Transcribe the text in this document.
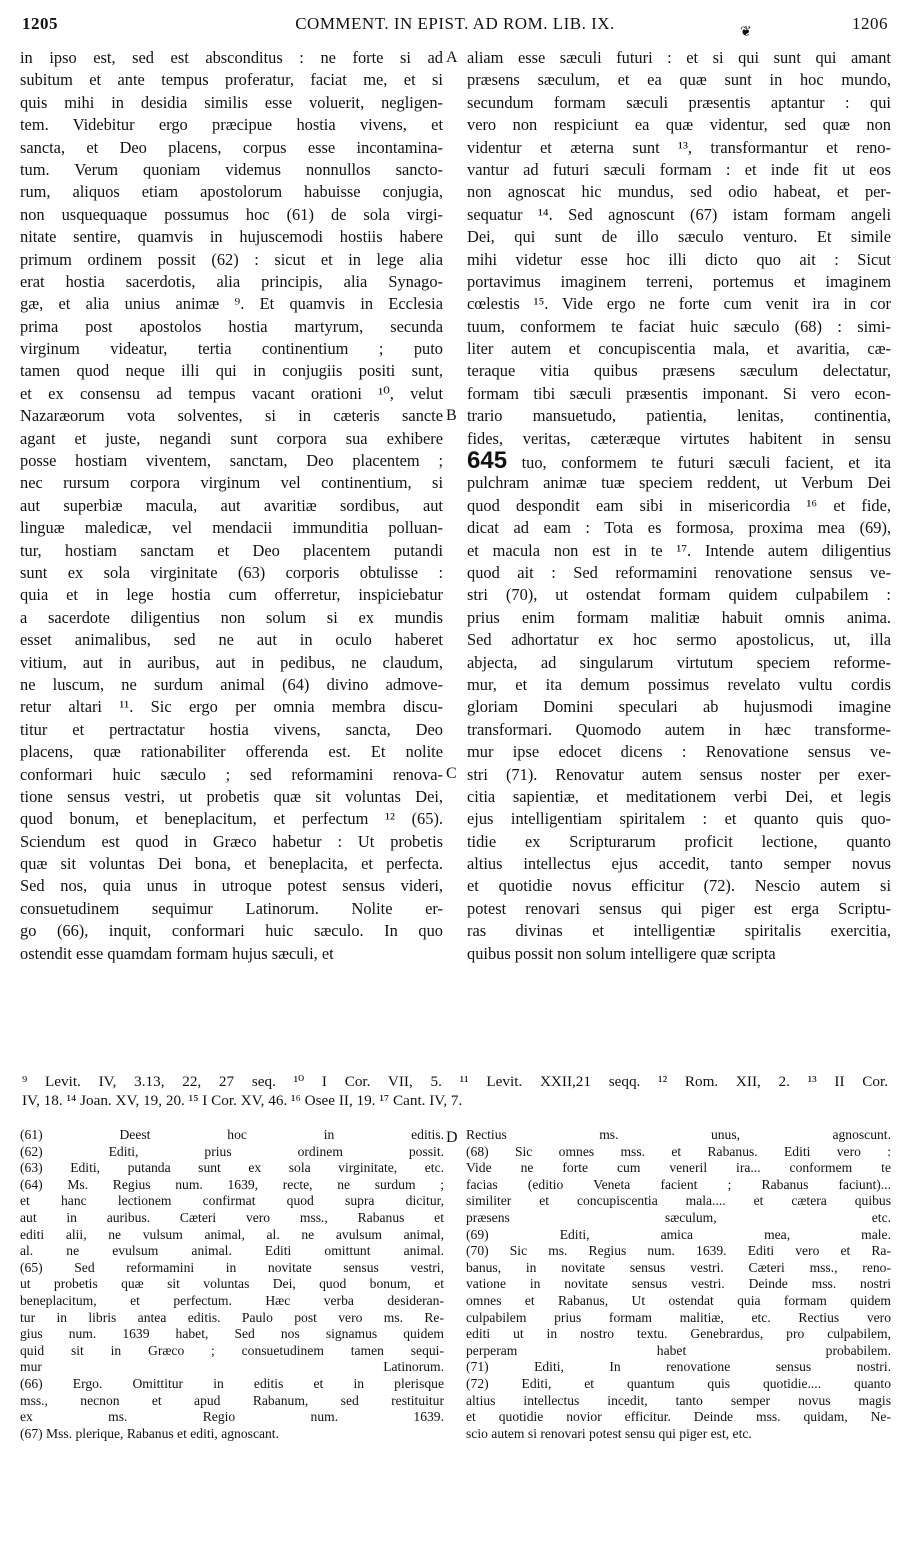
1205	COMMENT. IN EPIST. AD ROM. LIB. IX.	❦	1206
in ipso est, sed est absconditus : ne forte si ad
subitum et ante tempus proferatur, faciat me, et si
quis mihi in desidia similis esse voluerit, negligen-
tem. Videbitur ergo præcipue hostia vivens, et
sancta, et Deo placens, corpus esse incontamina-
tum. Verum quoniam videmus nonnullos sancto-
rum, aliquos etiam apostolorum habuisse conjugia,
non usquequaque possumus hoc (61) de sola virgi-
nitate sentire, quamvis in hujuscemodi hostiis habere
primum ordinem possit (62) : sicut et in lege alia
erat hostia sacerdotis, alia principis, alia Synago-
gæ, et alia unius animæ ⁹. Et quamvis in Ecclesia
prima post apostolos hostia martyrum, secunda
virginum videatur, tertia continentium ; puto
tamen quod neque illi qui in conjugiis positi sunt,
et ex consensu ad tempus vacant orationi ¹⁰, velut
Nazaræorum vota solventes, si in cæteris sancte
agant et juste, negandi sunt corpora sua exhibere
posse hostiam viventem, sanctam, Deo placentem ;
nec rursum corpora virginum vel continentium, si
aut superbiæ macula, aut avaritiæ sordibus, aut
linguæ maledicæ, vel mendacii immunditia polluan-
tur, hostiam sanctam et Deo placentem putandi
sunt ex sola virginitate (63) corporis obtulisse :
quia et in lege hostia cum offerretur, inspiciebatur
a sacerdote diligentius non solum si ex mundis
esset animalibus, sed ne aut in oculo haberet
vitium, aut in auribus, aut in pedibus, ne claudum,
ne luscum, ne surdum animal (64) divino admove-
retur altari ¹¹. Sic ergo per omnia membra discu-
titur et pertractatur hostia vivens, sancta, Deo
placens, quæ rationabiliter offerenda est. Et nolite
conformari huic sæculo ; sed reformamini renova-
tione sensus vestri, ut probetis quæ sit voluntas Dei,
quod bonum, et beneplacitum, et perfectum ¹² (65).
Sciendum est quod in Græco habetur : Ut probetis
quæ sit voluntas Dei bona, et beneplacita, et perfecta.
Sed nos, quia unus in utroque potest sensus videri,
consuetudinem sequimur Latinorum. Nolite er-
go (66), inquit, conformari huic sæculo. In quo
ostendit esse quamdam formam hujus sæculi, et
aliam esse sæculi futuri : et si qui sunt qui amant
præsens sæculum, et ea quæ sunt in hoc mundo,
secundum formam sæculi præsentis aptantur : qui
vero non respiciunt ea quæ videntur, sed quæ non
videntur et æterna sunt ¹³, transformantur et reno-
vantur ad futuri sæculi formam : et inde fit ut eos
non agnoscat hic mundus, sed odio habeat, et per-
sequatur ¹⁴. Sed agnoscunt (67) istam formam angeli
Dei, qui sunt de illo sæculo venturo. Et simile
mihi videtur esse hoc illi dicto quo ait : Sicut
portavimus imaginem terreni, portemus et imaginem
cœlestis ¹⁵. Vide ergo ne forte cum venit ira in cor
tuum, conformem te faciat huic sæculo (68) : simi-
liter autem et concupiscentia mala, et avaritia, cæ-
teraque vitia quibus præsens sæculum delectatur,
formam tibi sæculi præsentis imponant. Si vero econ-
trario mansuetudo, patientia, lenitas, continentia,
fides, veritas, cæteræque virtutes habitent in sensu
645 tuo, conformem te futuri sæculi facient, et ita
pulchram animæ tuæ speciem reddent, ut Verbum Dei
quod despondit eam sibi in misericordia ¹⁶ et fide,
dicat ad eam : Tota es formosa, proxima mea (69),
et macula non est in te ¹⁷. Intende autem diligentius
quod ait : Sed reformamini renovatione sensus ve-
stri (70), ut ostendat formam quidem culpabilem :
prius enim formam malitiæ habuit omnis anima.
Sed adhortatur ex hoc sermo apostolicus, ut, illa
abjecta, ad singularum virtutum speciem reforme-
mur, et ita demum possimus revelato vultu cordis
gloriam Domini speculari ab hujusmodi imagine
transformari. Quomodo autem in hæc transforme-
mur ipse edocet dicens : Renovatione sensus ve-
stri (71). Renovatur autem sensus noster per exer-
citia sapientiæ, et meditationem verbi Dei, et legis
ejus intelligentiam spiritalem : et quanto quis quo-
tidie ex Scripturarum proficit lectione, quanto
altius intellectus ejus accedit, tanto semper novus
et quotidie novus efficitur (72). Nescio autem si
potest renovari sensus qui piger est erga Scriptu-
ras divinas et intelligentiæ spiritalis exercitia,
quibus possit non solum intelligere quæ scripta
A
B
C
D
⁹ Levit. IV, 3.13, 22, 27 seq. ¹⁰ I Cor. VII, 5. ¹¹ Levit. XXII,21 seqq. ¹² Rom. XII, 2. ¹³ II Cor.
IV, 18. ¹⁴ Joan. XV, 19, 20. ¹⁵ I Cor. XV, 46. ¹⁶ Osee II, 19. ¹⁷ Cant. IV, 7.
(61) Deest hoc in editis.
(62) Editi, prius ordinem possit.
(63) Editi, putanda sunt ex sola virginitate, etc.
(64) Ms. Regius num. 1639, recte, ne surdum ;
et hanc lectionem confirmat quod supra dicitur,
aut in auribus. Cæteri vero mss., Rabanus et
editi alii, ne vulsum animal, al. ne avulsum animal,
al. ne evulsum animal. Editi omittunt animal.
(65) Sed reformamini in novitate sensus vestri,
ut probetis quæ sit voluntas Dei, quod bonum, et
beneplacitum, et perfectum. Hæc verba desideran-
tur in libris antea editis. Paulo post vero ms. Re-
gius num. 1639 habet, Sed nos signamus quidem
quid sit in Græco ; consuetudinem tamen sequi-
mur Latinorum.
(66) Ergo. Omittitur in editis et in plerisque
mss., necnon et apud Rabanum, sed restituitur
ex ms. Regio num. 1639.
(67) Mss. plerique, Rabanus et editi, agnoscant.
Rectius ms. unus, agnoscunt.
(68) Sic omnes mss. et Rabanus. Editi vero :
Vide ne forte cum veneril ira... conformem te
facias (editio Veneta facient ; Rabanus faciunt)...
similiter et concupiscentia mala.... et cætera quibus
præsens sæculum, etc.
(69) Editi, amica mea, male.
(70) Sic ms. Regius num. 1639. Editi vero et Ra-
banus, in novitate sensus vestri. Cæteri mss., reno-
vatione in novitate sensus vestri. Deinde mss. nostri
omnes et Rabanus, Ut ostendat quia formam quidem
culpabilem prius formam malitiæ, etc. Rectius vero
editi ut in nostro textu. Genebrardus, pro culpabilem,
perperam habet probabilem.
(71) Editi, In renovatione sensus nostri.
(72) Editi, et quantum quis quotidie.... quanto
altius intellectus incedit, tanto semper novus magis
et quotidie novior efficitur. Deinde mss. quidam, Ne-
scio autem si renovari potest sensu qui piger est, etc.
